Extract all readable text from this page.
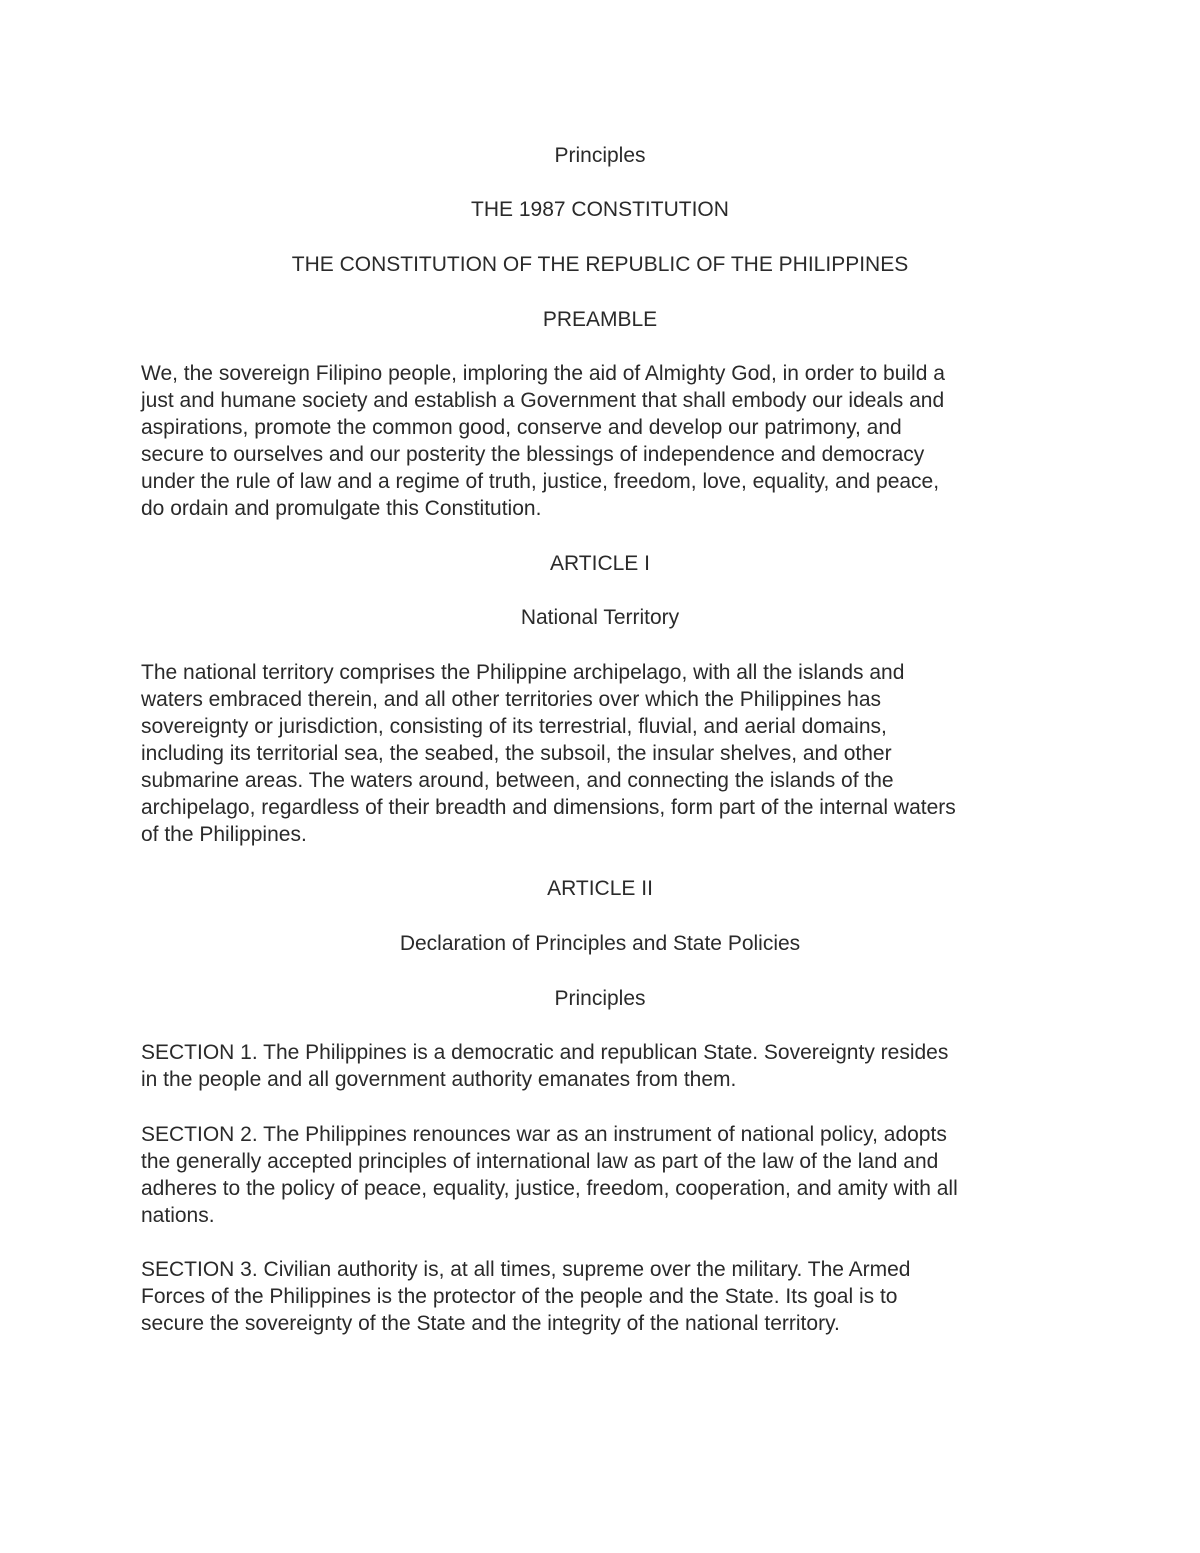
Principles
THE 1987 CONSTITUTION
THE CONSTITUTION OF THE REPUBLIC OF THE PHILIPPINES
PREAMBLE
We, the sovereign Filipino people, imploring the aid of Almighty God, in order to build a
just and humane society and establish a Government that shall embody our ideals and
aspirations, promote the common good, conserve and develop our patrimony, and
secure to ourselves and our posterity the blessings of independence and democracy
under the rule of law and a regime of truth, justice, freedom, love, equality, and peace,
do ordain and promulgate this Constitution.
ARTICLE I
National Territory
The national territory comprises the Philippine archipelago, with all the islands and
waters embraced therein, and all other territories over which the Philippines has
sovereignty or jurisdiction, consisting of its terrestrial, fluvial, and aerial domains,
including its territorial sea, the seabed, the subsoil, the insular shelves, and other
submarine areas. The waters around, between, and connecting the islands of the
archipelago, regardless of their breadth and dimensions, form part of the internal waters
of the Philippines.
ARTICLE II
Declaration of Principles and State Policies
Principles
SECTION 1. The Philippines is a democratic and republican State. Sovereignty resides
in the people and all government authority emanates from them.
SECTION 2. The Philippines renounces war as an instrument of national policy, adopts
the generally accepted principles of international law as part of the law of the land and
adheres to the policy of peace, equality, justice, freedom, cooperation, and amity with all
nations.
SECTION 3. Civilian authority is, at all times, supreme over the military. The Armed
Forces of the Philippines is the protector of the people and the State. Its goal is to
secure the sovereignty of the State and the integrity of the national territory.
